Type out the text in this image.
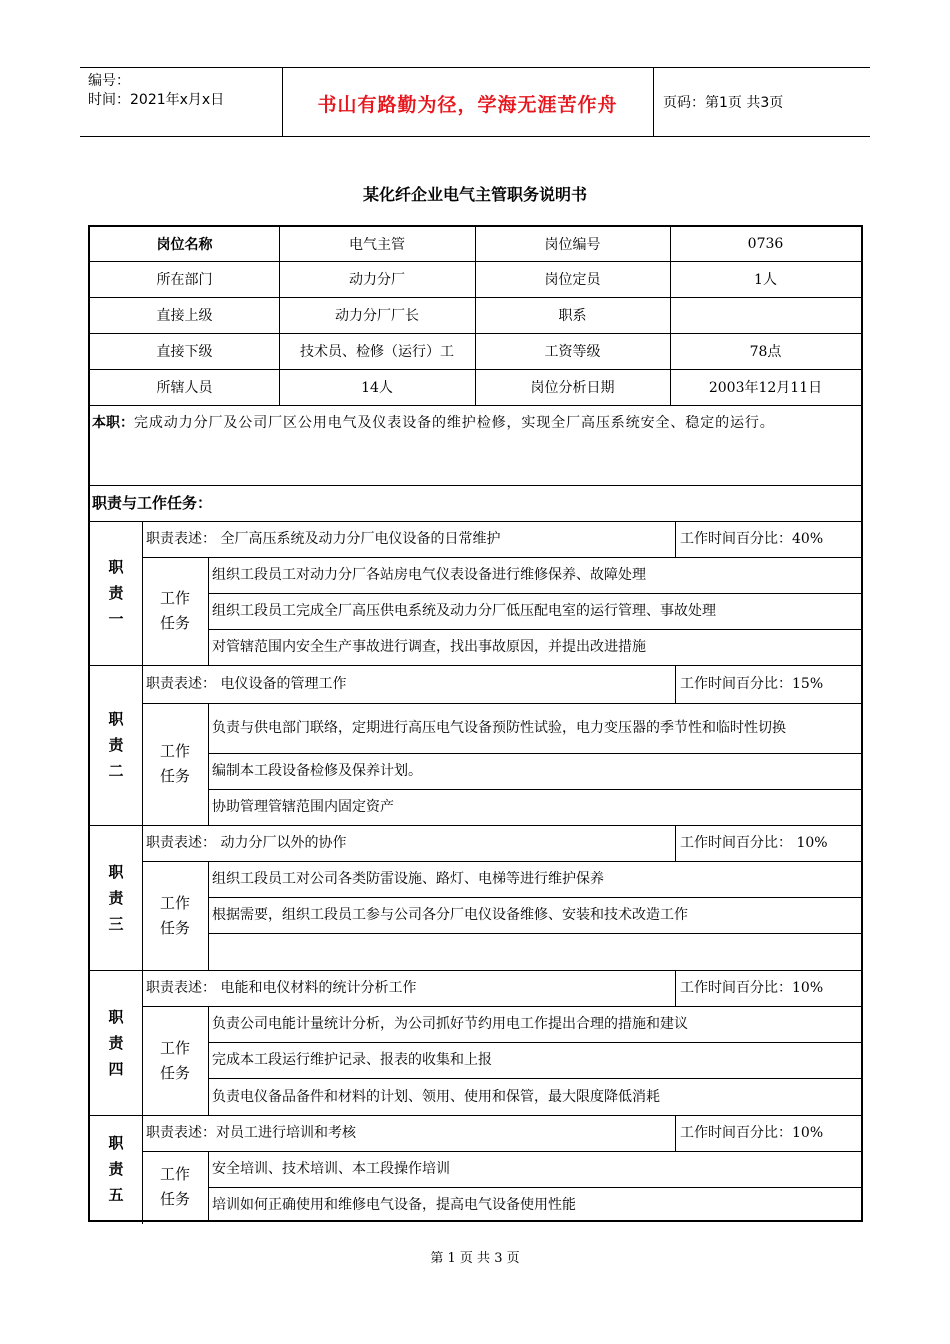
编号：
时间：2021年x月x日	书山有路勤为径，学海无涯苦作舟	页码：第1页 共3页
某化纤企业电气主管职务说明书
岗位名称	电气主管	岗位编号	0736
所在部门	动力分厂	岗位定员	1人
直接上级	动力分厂厂长	职系
直接下级	技术员、检修（运行）工	工资等级	78点
所辖人员	14人	岗位分析日期	2003年12月11日
本职：完成动力分厂及公司厂区公用电气及仪表设备的维护检修，实现全厂高压系统安全、稳定的运行。
职责与工作任务：
职
责
一
职责表述： 全厂高压系统及动力分厂电仪设备的日常维护	工作时间百分比：40%
工作
任务
组织工段员工对动力分厂各站房电气仪表设备进行维修保养、故障处理
组织工段员工完成全厂高压供电系统及动力分厂低压配电室的运行管理、事故处理
对管辖范围内安全生产事故进行调查，找出事故原因，并提出改进措施
职
责
二
职责表述： 电仪设备的管理工作	工作时间百分比：15%
工作
任务
负责与供电部门联络，定期进行高压电气设备预防性试验，电力变压器的季节性和临时性切换
编制本工段设备检修及保养计划。
协助管理管辖范围内固定资产
职
责
三
职责表述： 动力分厂以外的协作	工作时间百分比： 10%
工作
任务
组织工段员工对公司各类防雷设施、路灯、电梯等进行维护保养
根据需要，组织工段员工参与公司各分厂电仪设备维修、安装和技术改造工作
职
责
四
职责表述： 电能和电仪材料的统计分析工作	工作时间百分比：10%
工作
任务
负责公司电能计量统计分析，为公司抓好节约用电工作提出合理的措施和建议
完成本工段运行维护记录、报表的收集和上报
负责电仪备品备件和材料的计划、领用、使用和保管，最大限度降低消耗
职
责
五
职责表述：对员工进行培训和考核	工作时间百分比：10%
工作
任务
安全培训、技术培训、本工段操作培训
培训如何正确使用和维修电气设备，提高电气设备使用性能
第 1 页 共 3 页
